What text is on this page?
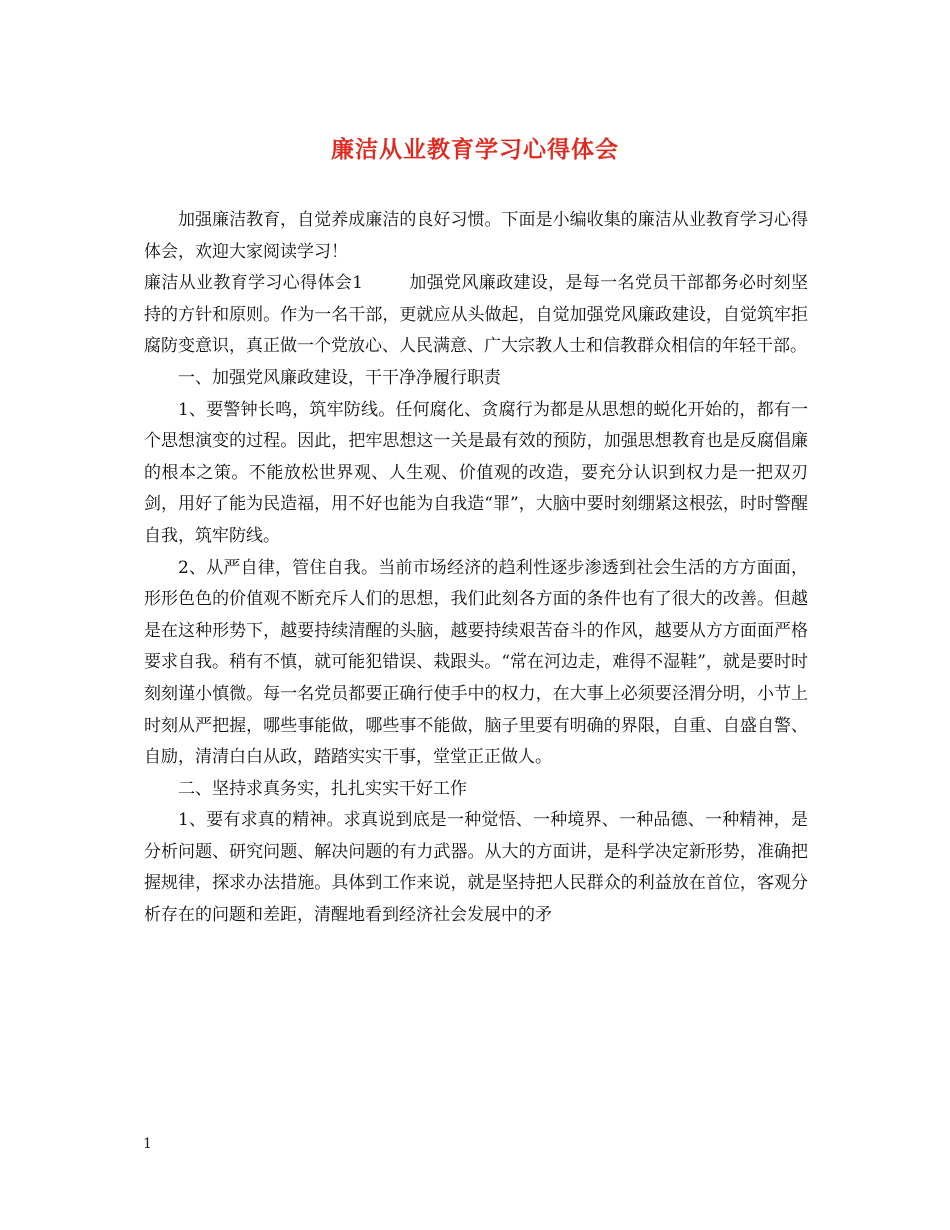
廉洁从业教育学习心得体会

加强廉洁教育，自觉养成廉洁的良好习惯。下面是小编收集的廉洁从业教育学习心得体会，欢迎大家阅读学习！

廉洁从业教育学习心得体会1	加强党风廉政建设，是每一名党员干部都务必时刻坚持的方针和原则。作为一名干部，更就应从头做起，自觉加强党风廉政建设，自觉筑牢拒腐防变意识，真正做一个党放心、人民满意、广大宗教人士和信教群众相信的年轻干部。

一、加强党风廉政建设，干干净净履行职责

1、要警钟长鸣，筑牢防线。任何腐化、贪腐行为都是从思想的蜕化开始的，都有一个思想演变的过程。因此，把牢思想这一关是最有效的预防，加强思想教育也是反腐倡廉的根本之策。不能放松世界观、人生观、价值观的改造，要充分认识到权力是一把双刃剑，用好了能为民造福，用不好也能为自我造“罪”，大脑中要时刻绷紧这根弦，时时警醒自我，筑牢防线。

2、从严自律，管住自我。当前市场经济的趋利性逐步渗透到社会生活的方方面面，形形色色的价值观不断充斥人们的思想，我们此刻各方面的条件也有了很大的改善。但越是在这种形势下，越要持续清醒的头脑，越要持续艰苦奋斗的作风，越要从方方面面严格要求自我。稍有不慎，就可能犯错误、栽跟头。“常在河边走，难得不湿鞋”，就是要时时刻刻谨小慎微。每一名党员都要正确行使手中的权力，在大事上必须要泾渭分明，小节上时刻从严把握，哪些事能做，哪些事不能做，脑子里要有明确的界限，自重、自盛自警、自励，清清白白从政，踏踏实实干事，堂堂正正做人。

二、坚持求真务实，扎扎实实干好工作

1、要有求真的精神。求真说到底是一种觉悟、一种境界、一种品德、一种精神，是分析问题、研究问题、解决问题的有力武器。从大的方面讲，是科学决定新形势，准确把握规律，探求办法措施。具体到工作来说，就是坚持把人民群众的利益放在首位，客观分析存在的问题和差距，清醒地看到经济社会发展中的矛

1
